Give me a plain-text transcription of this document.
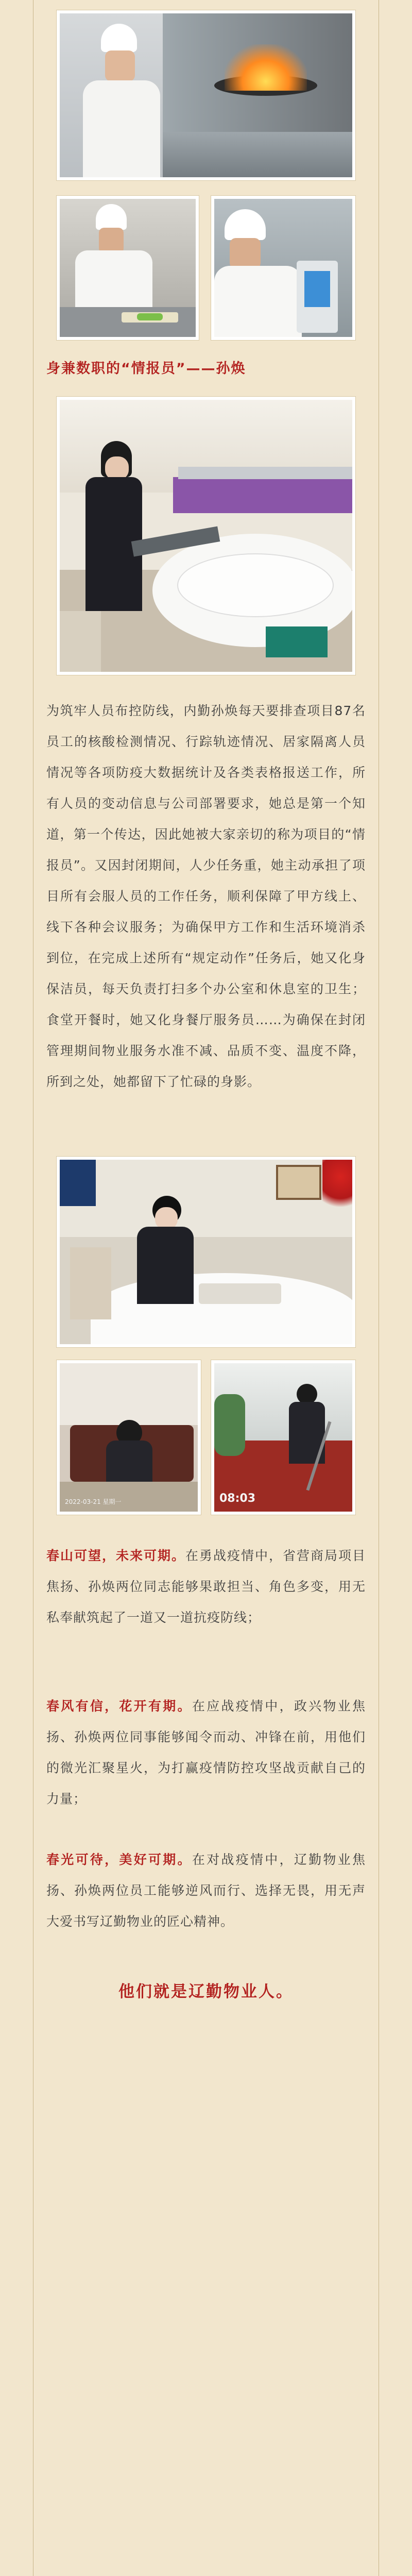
身兼数职的“情报员”——孙焕

为筑牢人员布控防线，内勤孙焕每天要排查项目87名员工的核酸检测情况、行踪轨迹情况、居家隔离人员情况等各项防疫大数据统计及各类表格报送工作，所有人员的变动信息与公司部署要求，她总是第一个知道，第一个传达，因此她被大家亲切的称为项目的“情报员”。又因封闭期间，人少任务重，她主动承担了项目所有会服人员的工作任务，顺利保障了甲方线上、线下各种会议服务；为确保甲方工作和生活环境消杀到位，在完成上述所有“规定动作”任务后，她又化身保洁员，每天负责打扫多个办公室和休息室的卫生；食堂开餐时，她又化身餐厅服务员……为确保在封闭管理期间物业服务水准不减、品质不变、温度不降，所到之处，她都留下了忙碌的身影。

2022-03-21 星期一	08:03

春山可望，未来可期。在勇战疫情中，省营商局项目焦扬、孙焕两位同志能够果敢担当、角色多变，用无私奉献筑起了一道又一道抗疫防线；

春风有信，花开有期。在应战疫情中，政兴物业焦扬、孙焕两位同事能够闻令而动、冲锋在前，用他们的微光汇聚星火，为打赢疫情防控攻坚战贡献自己的力量；

春光可待，美好可期。在对战疫情中，辽勤物业焦扬、孙焕两位员工能够逆风而行、选择无畏，用无声大爱书写辽勤物业的匠心精神。

他们就是辽勤物业人。
